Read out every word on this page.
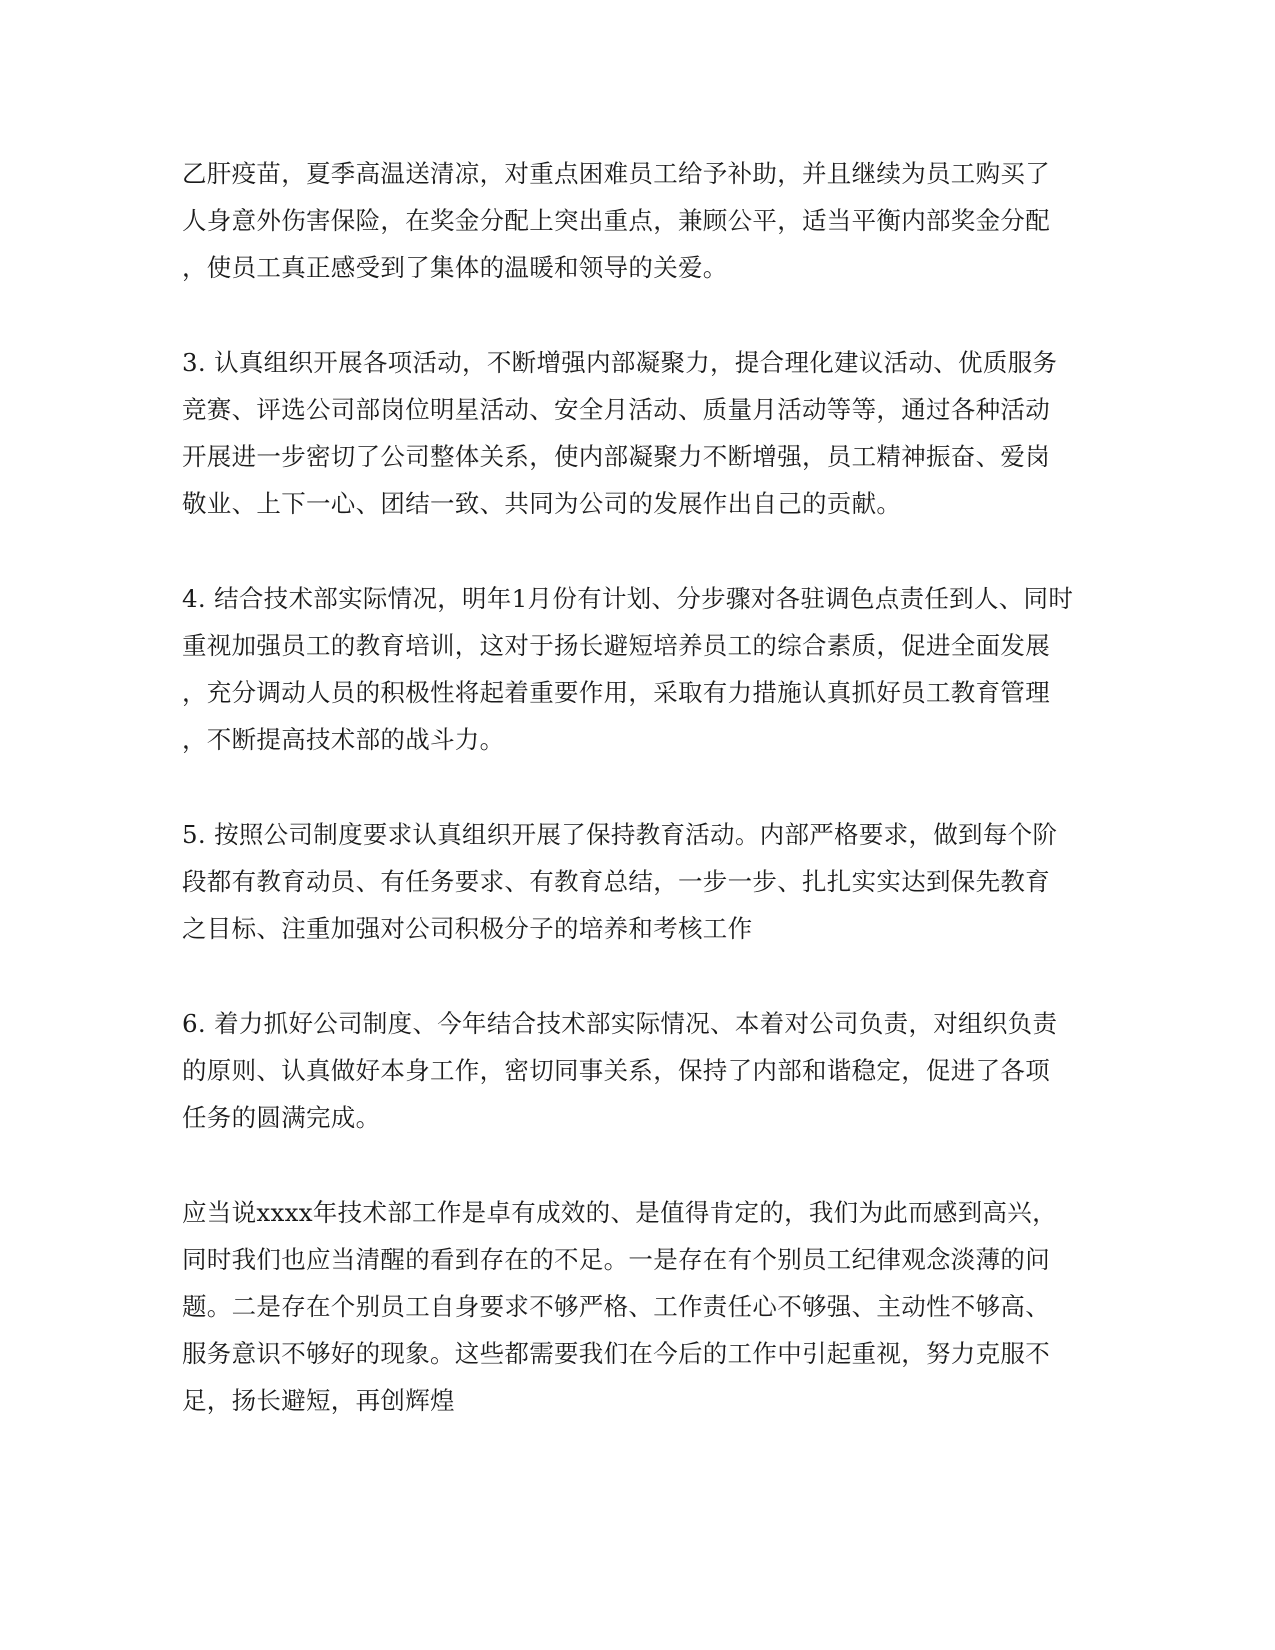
乙肝疫苗，夏季高温送清凉，对重点困难员工给予补助，并且继续为员工购买了
人身意外伤害保险，在奖金分配上突出重点，兼顾公平，适当平衡内部奖金分配
，使员工真正感受到了集体的温暖和领导的关爱。

3. 认真组织开展各项活动，不断增强内部凝聚力，提合理化建议活动、优质服务
竞赛、评选公司部岗位明星活动、安全月活动、质量月活动等等，通过各种活动
开展进一步密切了公司整体关系，使内部凝聚力不断增强，员工精神振奋、爱岗
敬业、上下一心、团结一致、共同为公司的发展作出自己的贡献。

4. 结合技术部实际情况，明年1月份有计划、分步骤对各驻调色点责任到人、同时
重视加强员工的教育培训，这对于扬长避短培养员工的综合素质，促进全面发展
，充分调动人员的积极性将起着重要作用，采取有力措施认真抓好员工教育管理
，不断提高技术部的战斗力。

5. 按照公司制度要求认真组织开展了保持教育活动。内部严格要求，做到每个阶
段都有教育动员、有任务要求、有教育总结，一步一步、扎扎实实达到保先教育
之目标、注重加强对公司积极分子的培养和考核工作

6. 着力抓好公司制度、今年结合技术部实际情况、本着对公司负责，对组织负责
的原则、认真做好本身工作，密切同事关系，保持了内部和谐稳定，促进了各项
任务的圆满完成。

应当说xxxx年技术部工作是卓有成效的、是值得肯定的，我们为此而感到高兴，
同时我们也应当清醒的看到存在的不足。一是存在有个别员工纪律观念淡薄的问
题。二是存在个别员工自身要求不够严格、工作责任心不够强、主动性不够高、
服务意识不够好的现象。这些都需要我们在今后的工作中引起重视，努力克服不
足，扬长避短，再创辉煌
